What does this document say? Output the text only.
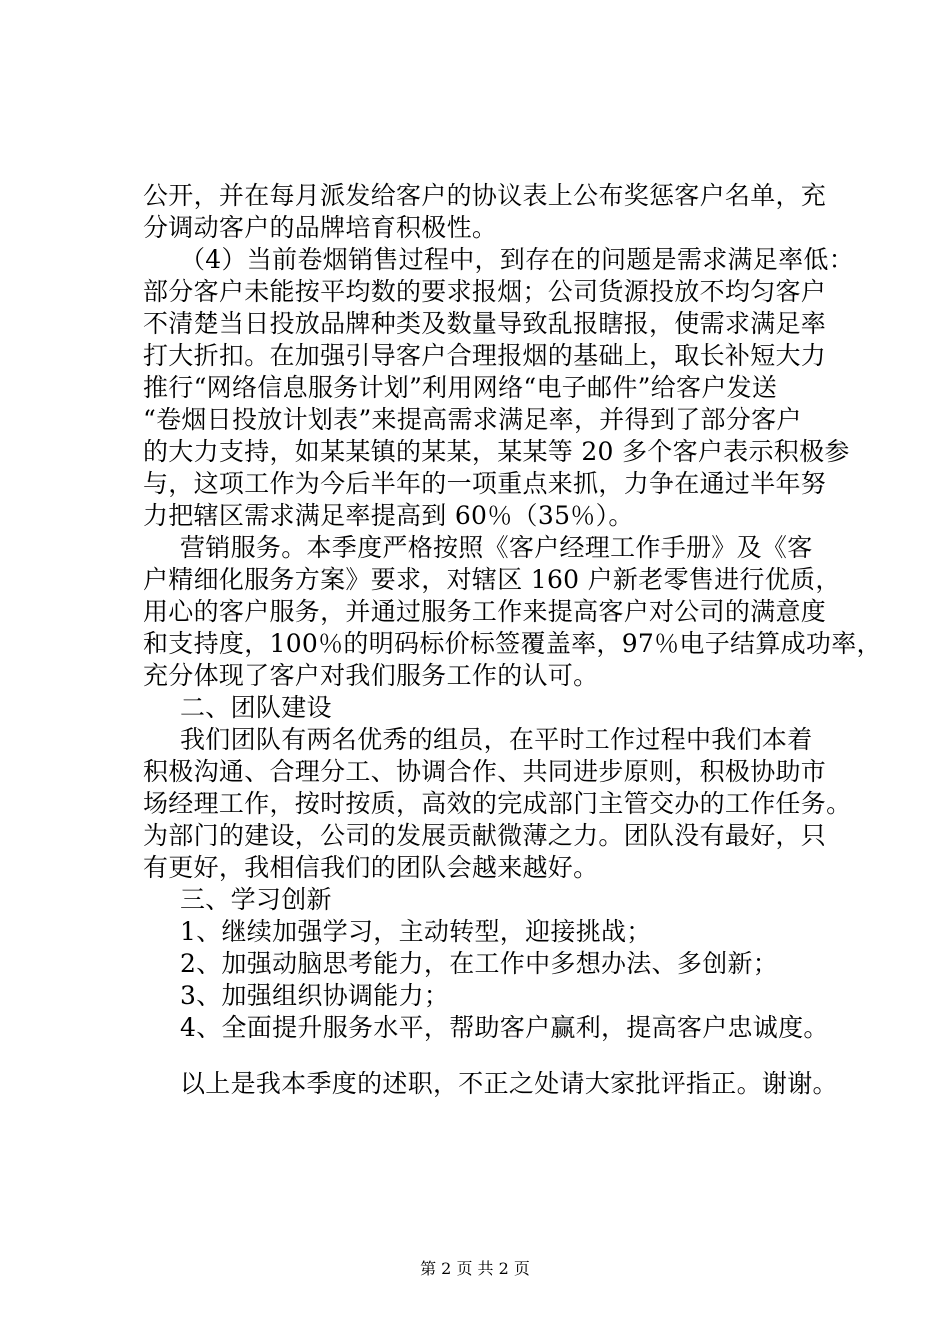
公开，并在每月派发给客户的协议表上公布奖惩客户名单，充
分调动客户的品牌培育积极性。
（4）当前卷烟销售过程中，到存在的问题是需求满足率低：
部分客户未能按平均数的要求报烟；公司货源投放不均匀客户
不清楚当日投放品牌种类及数量导致乱报瞎报，使需求满足率
打大折扣。在加强引导客户合理报烟的基础上，取长补短大力
推行“网络信息服务计划”利用网络“电子邮件”给客户发送
“卷烟日投放计划表”来提高需求满足率，并得到了部分客户
的大力支持，如某某镇的某某，某某等 20 多个客户表示积极参
与，这项工作为今后半年的一项重点来抓，力争在通过半年努
力把辖区需求满足率提高到 60％（35％）。
营销服务。本季度严格按照《客户经理工作手册》及《客
户精细化服务方案》要求，对辖区 160 户新老零售进行优质，
用心的客户服务，并通过服务工作来提高客户对公司的满意度
和支持度，100％的明码标价标签覆盖率，97％电子结算成功率，
充分体现了客户对我们服务工作的认可。
二、团队建设
我们团队有两名优秀的组员，在平时工作过程中我们本着
积极沟通、合理分工、协调合作、共同进步原则，积极协助市
场经理工作，按时按质，高效的完成部门主管交办的工作任务。
为部门的建设，公司的发展贡献微薄之力。团队没有最好，只
有更好，我相信我们的团队会越来越好。
三、学习创新
1、继续加强学习，主动转型，迎接挑战；
2、加强动脑思考能力，在工作中多想办法、多创新；
3、加强组织协调能力；
4、全面提升服务水平，帮助客户赢利，提高客户忠诚度。
以上是我本季度的述职，不正之处请大家批评指正。谢谢。
第 2 页 共 2 页
